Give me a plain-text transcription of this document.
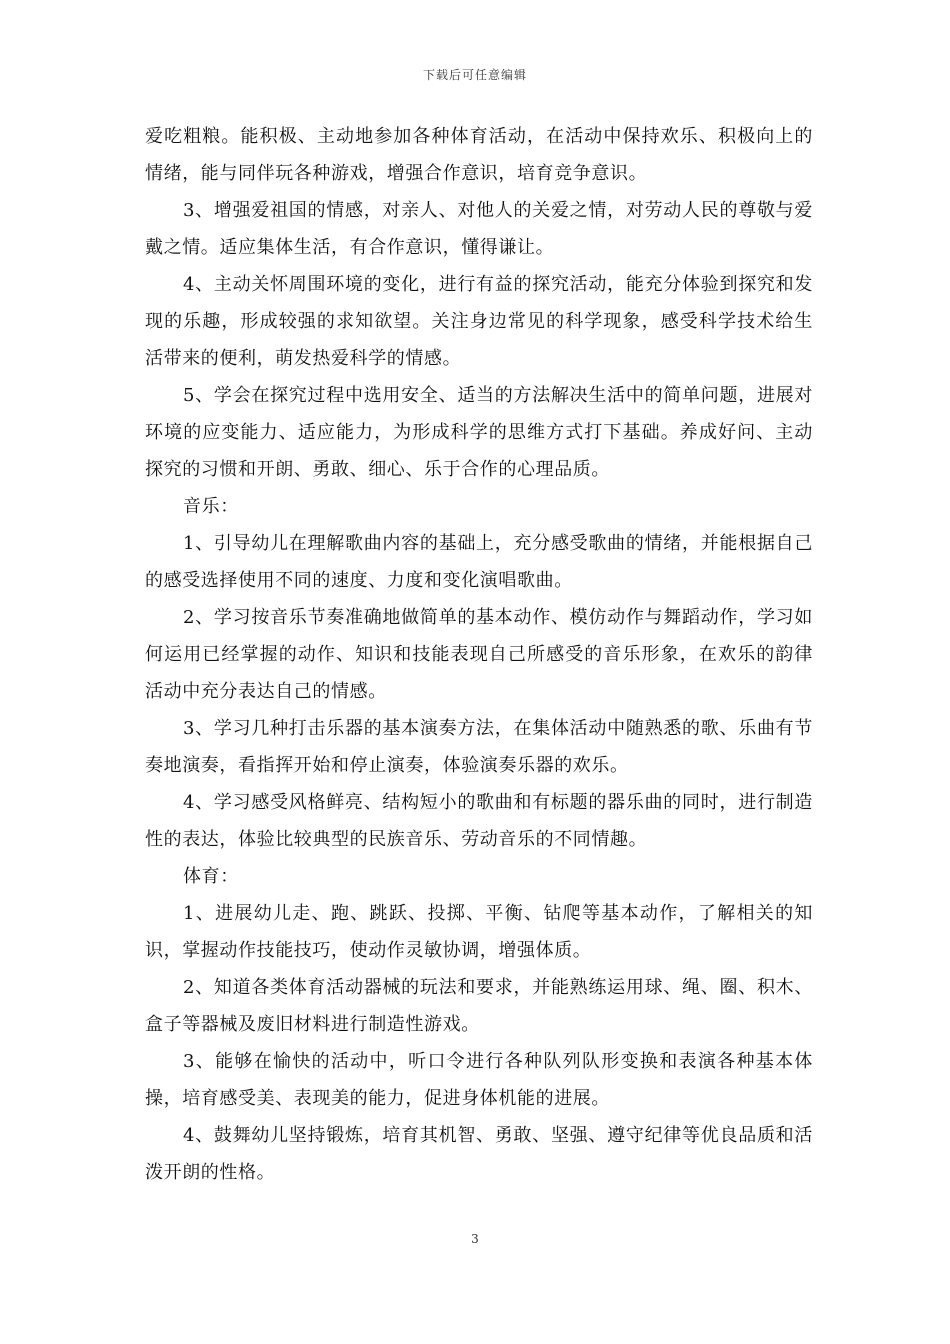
下载后可任意编辑

爱吃粗粮。能积极、主动地参加各种体育活动，在活动中保持欢乐、积极向上的情绪，能与同伴玩各种游戏，增强合作意识，培育竞争意识。

3、增强爱祖国的情感，对亲人、对他人的关爱之情，对劳动人民的尊敬与爱戴之情。适应集体生活，有合作意识，懂得谦让。

4、主动关怀周围环境的变化，进行有益的探究活动，能充分体验到探究和发现的乐趣，形成较强的求知欲望。关注身边常见的科学现象，感受科学技术给生活带来的便利，萌发热爱科学的情感。

5、学会在探究过程中选用安全、适当的方法解决生活中的简单问题，进展对环境的应变能力、适应能力，为形成科学的思维方式打下基础。养成好问、主动探究的习惯和开朗、勇敢、细心、乐于合作的心理品质。

音乐：

1、引导幼儿在理解歌曲内容的基础上，充分感受歌曲的情绪，并能根据自己的感受选择使用不同的速度、力度和变化演唱歌曲。

2、学习按音乐节奏准确地做简单的基本动作、模仿动作与舞蹈动作，学习如何运用已经掌握的动作、知识和技能表现自己所感受的音乐形象，在欢乐的韵律活动中充分表达自己的情感。

3、学习几种打击乐器的基本演奏方法，在集体活动中随熟悉的歌、乐曲有节奏地演奏，看指挥开始和停止演奏，体验演奏乐器的欢乐。

4、学习感受风格鲜亮、结构短小的歌曲和有标题的器乐曲的同时，进行制造性的表达，体验比较典型的民族音乐、劳动音乐的不同情趣。

体育：

1、进展幼儿走、跑、跳跃、投掷、平衡、钻爬等基本动作，了解相关的知识，掌握动作技能技巧，使动作灵敏协调，增强体质。

2、知道各类体育活动器械的玩法和要求，并能熟练运用球、绳、圈、积木、盒子等器械及废旧材料进行制造性游戏。

3、能够在愉快的活动中，听口令进行各种队列队形变换和表演各种基本体操，培育感受美、表现美的能力，促进身体机能的进展。

4、鼓舞幼儿坚持锻炼，培育其机智、勇敢、坚强、遵守纪律等优良品质和活泼开朗的性格。

3
